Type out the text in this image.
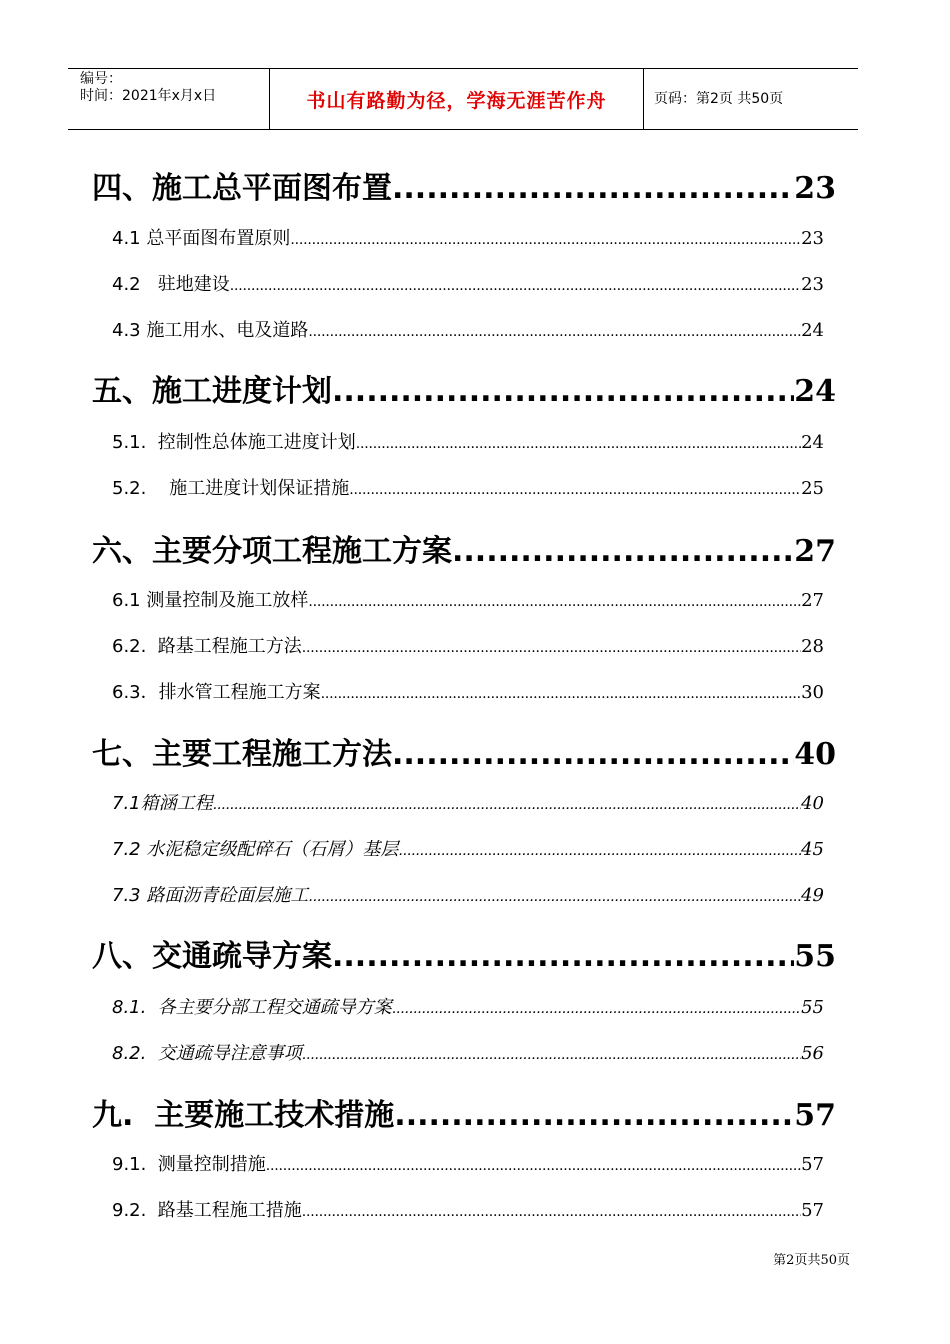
编号：
时间：2021年x月x日	书山有路勤为径，学海无涯苦作舟	页码：第2页 共50页
四、施工总平面图布置 .....	23
4.1 总平面图布置原则 .....	23
4.2   驻地建设 .....	23
4.3 施工用水、电及道路 .....	24
五、施工进度计划 .....	24
5.1.  控制性总体施工进度计划 .....	24
5.2.    施工进度计划保证措施 .....	25
六、主要分项工程施工方案 .....	27
6.1 测量控制及施工放样 .....	27
6.2.  路基工程施工方法 .....	28
6.3．排水管工程施工方案 .....	30
七、主要工程施工方法 .....	40
7.1箱涵工程 .....	40
7.2 水泥稳定级配碎石（石屑）基层 .....	45
7.3 路面沥青砼面层施工 .....	49
八、交通疏导方案 .....	55
8.1.  各主要分部工程交通疏导方案 .....	55
8.2.  交通疏导注意事项 .....	56
九.  主要施工技术措施 .....	57
9.1.  测量控制措施 .....	57
9.2.  路基工程施工措施 .....	57
第2页共50页
